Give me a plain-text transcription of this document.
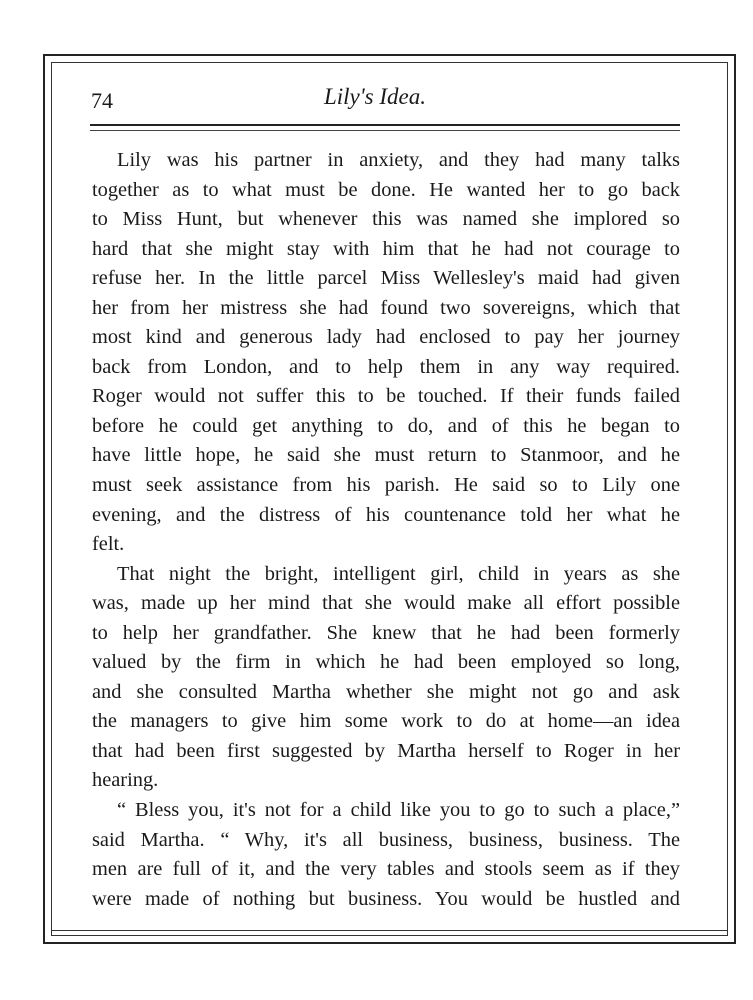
74	Lily's Idea.
Lily was his partner in anxiety, and they had many talks
together as to what must be done. He wanted her to go back
to Miss Hunt, but whenever this was named she implored so
hard that she might stay with him that he had not courage to
refuse her. In the little parcel Miss Wellesley's maid had given
her from her mistress she had found two sovereigns, which that
most kind and generous lady had enclosed to pay her journey
back from London, and to help them in any way required.
Roger would not suffer this to be touched. If their funds failed
before he could get anything to do, and of this he began to
have little hope, he said she must return to Stanmoor, and he
must seek assistance from his parish. He said so to Lily one
evening, and the distress of his countenance told her what he
felt.
That night the bright, intelligent girl, child in years as she
was, made up her mind that she would make all effort possible
to help her grandfather. She knew that he had been formerly
valued by the firm in which he had been employed so long,
and she consulted Martha whether she might not go and ask
the managers to give him some work to do at home—an idea
that had been first suggested by Martha herself to Roger in her
hearing.
“ Bless you, it's not for a child like you to go to such a place,”
said Martha. “ Why, it's all business, business, business. The
men are full of it, and the very tables and stools seem as if they
were made of nothing but business. You would be hustled and
